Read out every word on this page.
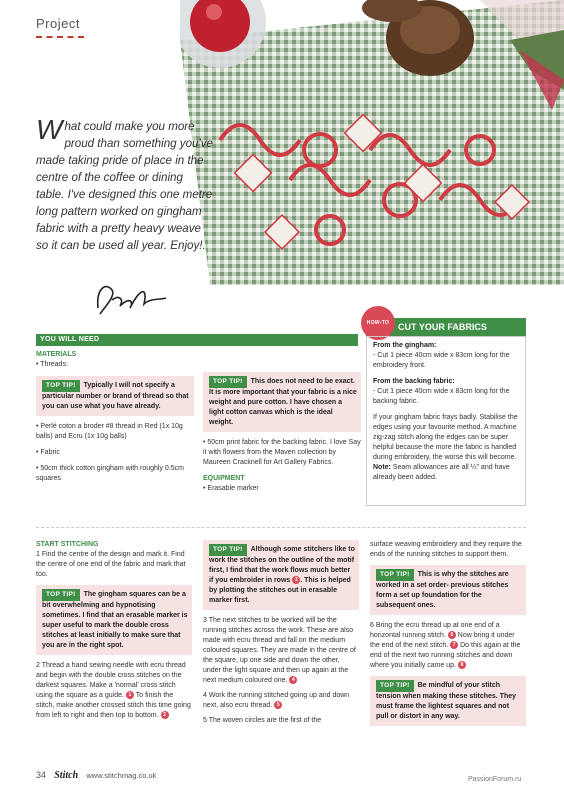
Project
What could make you more proud than something you've made taking pride of place in the centre of the coffee or dining table. I've designed this one metre long pattern worked on gingham fabric with a pretty heavy weave so it can be used all year. Enjoy!.
YOU WILL NEED
MATERIALS
• Threads:
TOP TIP! Typically I will not specify a particular number or brand of thread so that you can use what you have already.
• Perlé coton a broder #8 thread in Red (1x 10g balls) and Ecru (1x 10g balls)
• Fabric
• 50cm thick cotton gingham with roughly 0.5cm squares
TOP TIP! This does not need to be exact. It is more important that your fabric is a nice weight and pure cotton. I have chosen a light cotton canvas which is the ideal weight.
• 50cm print fabric for the backing fabric. I love Say it with flowers from the Maven collection by Maureen Cracknell for Art Gallery Fabrics.
EQUIPMENT
• Erasable marker
CUT YOUR FABRICS
HOW-TO
From the gingham:
- Cut 1 piece 40cm wide x 83cm long for the embroidery front.
From the backing fabric:
- Cut 1 piece 40cm wide x 83cm long for the backing fabric.
If your gingham fabric frays badly. Stabilise the edges using your favourite method. A machine zig-zag stitch along the edges can be super helpful because the more the fabric is handled during embroidery, the worse this will become.
Note: Seam allowances are all ¼" and have already been added.
START STITCHING

1 Find the centre of the design and mark it. Find the centre of one end of the fabric and mark that too.

TOP TIP! The gingham squares can be a bit overwhelming and hypnotising sometimes. I find that an erasable marker is super useful to mark the double cross stitches at least initially to make sure that you are in the right spot.

2 Thread a hand sewing needle with ecru thread and begin with the double cross stitches on the darkest squares. Make a 'normal' cross stitch using the square as a guide. 1 To finish the stitch, make another crossed stitch this time going from left to right and then top to bottom. 2

TOP TIP! Although some stitchers like to work the stitches on the outline of the motif first, I find that the work flows much better if you embroider in rows 3 . This is helped by plotting the stitches out in erasable marker first.

3 The next stitches to be worked will be the running stitches across the work. These are also made with ecru thread and fall on the medium coloured squares. They are made in the centre of the square, up one side and down the other, under the light square and then up again at the next medium coloured one. 4

4 Work the running stitched going up and down next, also ecru thread. 5

5 The woven circles are the first of the

surface weaving embroidery and they require the ends of the running stitches to support them.

TOP TIP! This is why the stitches are worked in a set order- previous stitches form a set up foundation for the subsequent ones.

6 Bring the ecru thread up at one end of a horizontal running stitch. 6 Now bring it under the end of the next stitch. 7 Do this again at the end of the next two running stitches and down where you initially came up. 8

TOP TIP! Be mindful of your stitch tension when making these stitches. They must frame the lightest squares and not pull or distort in any way.
34 Stitch www.stitchmag.co.uk	PassionForum.ru
